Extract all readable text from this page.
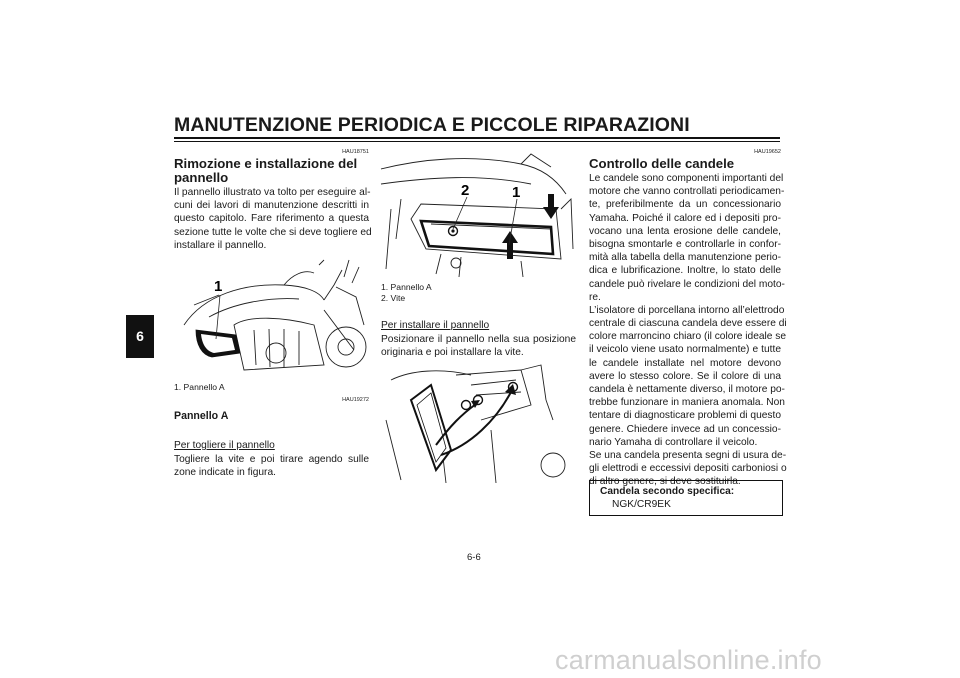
MANUTENZIONE PERIODICA E PICCOLE RIPARAZIONI
6
HAU18751
Rimozione e installazione del
pannello
Il pannello illustrato va tolto per eseguire al-
cuni dei lavori di manutenzione descritti in
questo capitolo. Fare riferimento a questa
sezione tutte le volte che si deve togliere ed
installare il pannello.
1
1. Pannello A
HAU19272
Pannello A
Per togliere il pannello
Togliere la vite e poi tirare agendo sulle
zone indicate in figura.
2	1
1. Pannello A
2. Vite
Per installare il pannello
Posizionare il pannello nella sua posizione
originaria e poi installare la vite.
HAU19652
Controllo delle candele
Le candele sono componenti importanti del
motore che vanno controllati periodicamen-
te, preferibilmente da un concessionario
Yamaha. Poiché il calore ed i depositi pro-
vocano una lenta erosione delle candele,
bisogna smontarle e controllarle in confor-
mità alla tabella della manutenzione perio-
dica e lubrificazione. Inoltre, lo stato delle
candele può rivelare le condizioni del moto-
re.
L’isolatore di porcellana intorno all’elettrodo
centrale di ciascuna candela deve essere di
colore marroncino chiaro (il colore ideale se
il veicolo viene usato normalmente) e tutte
le candele installate nel motore devono
avere lo stesso colore. Se il colore di una
candela è nettamente diverso, il motore po-
trebbe funzionare in maniera anomala. Non
tentare di diagnosticare problemi di questo
genere. Chiedere invece ad un concessio-
nario Yamaha di controllare il veicolo.
Se una candela presenta segni di usura de-
gli elettrodi e eccessivi depositi carboniosi o
di altro genere, si deve sostituirla.
Candela secondo specifica:
NGK/CR9EK
6-6
carmanualsonline.info
